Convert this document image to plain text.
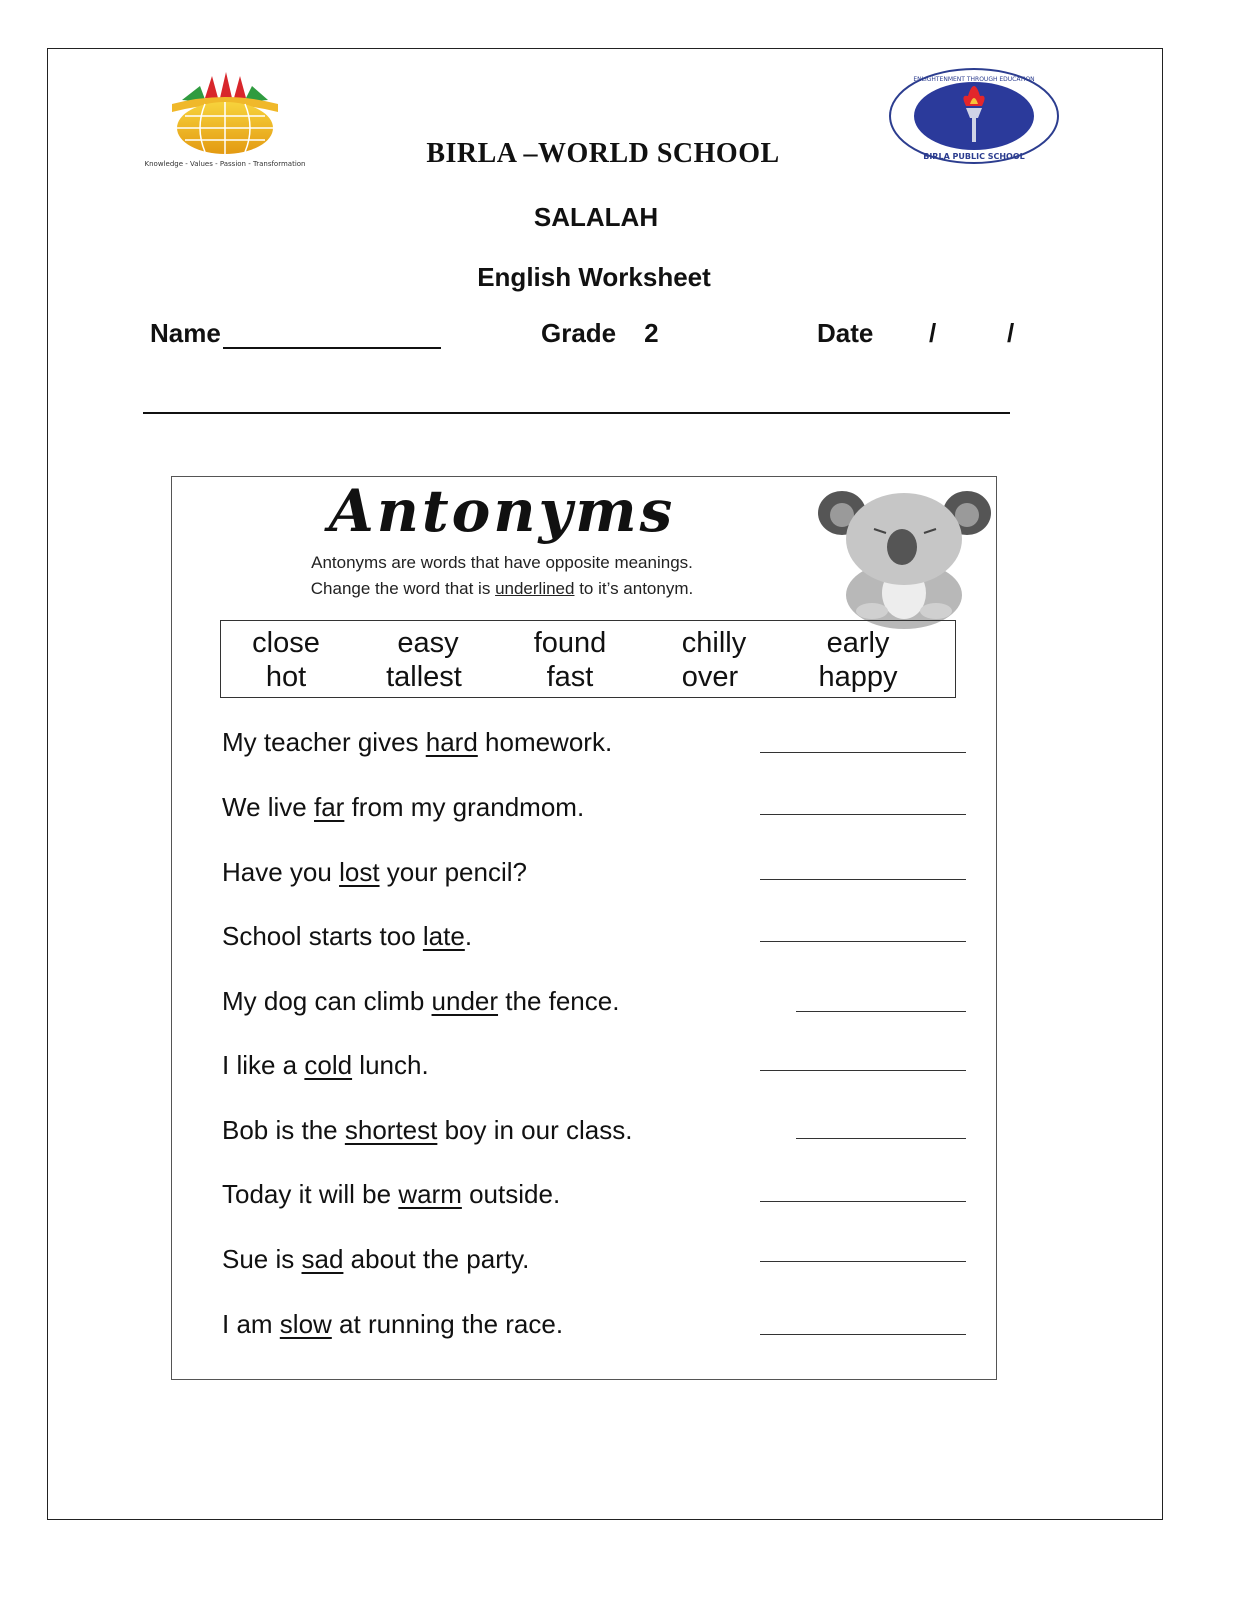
Knowledge - Values - Passion - Transformation
ENLIGHTENMENT THROUGH EDUCATION
BIRLA PUBLIC SCHOOL
BIRLA –WORLD SCHOOL
SALALAH
English Worksheet
Name	Grade 2	Date /	/
Antonyms
Antonyms are words that have opposite meanings.
Change the word that is underlined to it’s antonym.
close	easy	found	chilly	early
hot	tallest	fast	over	happy
My teacher gives hard homework.
We live far from my grandmom.
Have you lost your pencil?
School starts too late.
My dog can climb under the fence.
I like a cold lunch.
Bob is the shortest boy in our class.
Today it will be warm outside.
Sue is sad about the party.
I am slow at running the race.
